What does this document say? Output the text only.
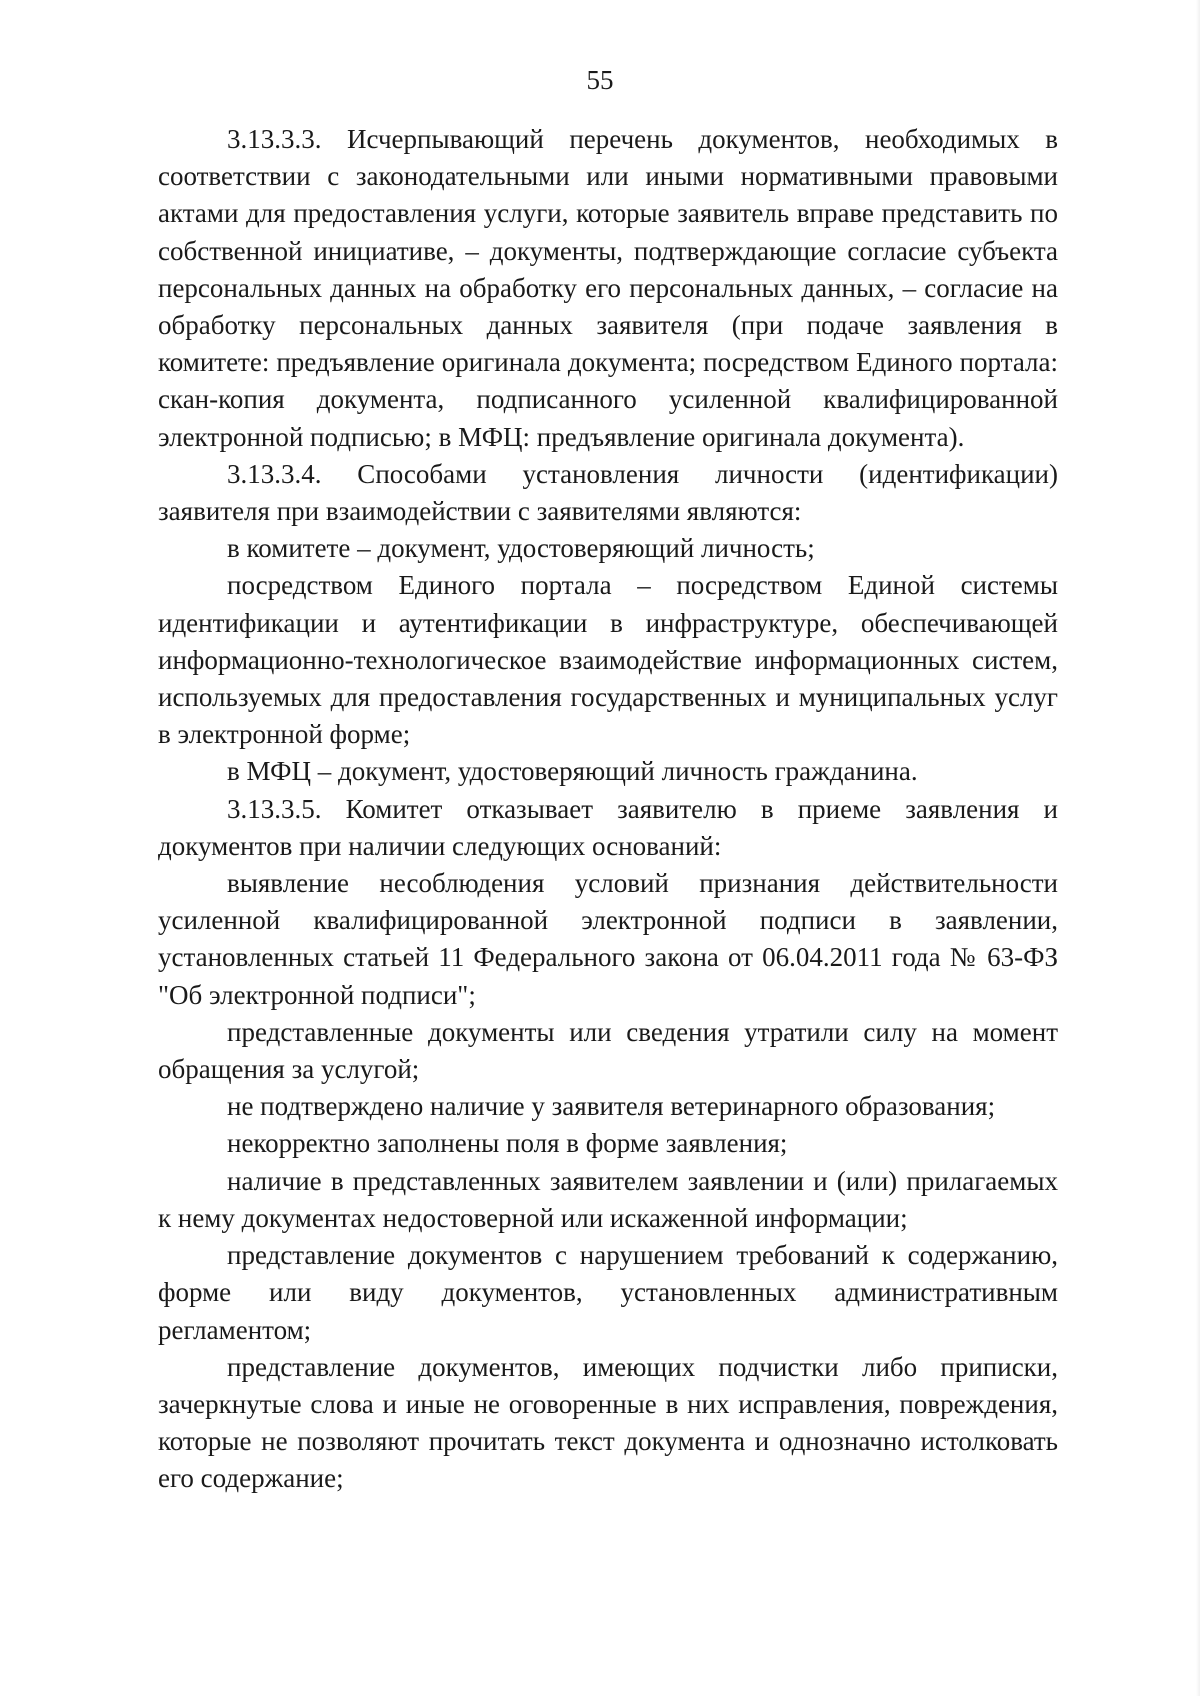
55

3.13.3.3. Исчерпывающий перечень документов, необходимых в соответствии с законодательными или иными нормативными правовыми актами для предоставления услуги, которые заявитель вправе представить по собственной инициативе, – документы, подтверждающие согласие субъекта персональных данных на обработку его персональных данных, – согласие на обработку персональных данных заявителя (при подаче заявления в комитете: предъявление оригинала документа; посредством Единого портала: скан-копия документа, подписанного усиленной квалифицированной электронной подписью; в МФЦ: предъявление оригинала документа).

3.13.3.4. Способами установления личности (идентификации) заявителя при взаимодействии с заявителями являются:

в комитете – документ, удостоверяющий личность;

посредством Единого портала – посредством Единой системы идентификации и аутентификации в инфраструктуре, обеспечивающей информационно-технологическое взаимодействие информационных систем, используемых для предоставления государственных и муниципальных услуг в электронной форме;

в МФЦ – документ, удостоверяющий личность гражданина.

3.13.3.5. Комитет отказывает заявителю в приеме заявления и документов при наличии следующих оснований:

выявление несоблюдения условий признания действительности усиленной квалифицированной электронной подписи в заявлении, установленных статьей 11 Федерального закона от 06.04.2011 года № 63-ФЗ "Об электронной подписи";

представленные документы или сведения утратили силу на момент обращения за услугой;

не подтверждено наличие у заявителя ветеринарного образования;

некорректно заполнены поля в форме заявления;

наличие в представленных заявителем заявлении и (или) прилагаемых к нему документах недостоверной или искаженной информации;

представление документов с нарушением требований к содержанию, форме или виду документов, установленных административным регламентом;

представление документов, имеющих подчистки либо приписки, зачеркнутые слова и иные не оговоренные в них исправления, повреждения, которые не позволяют прочитать текст документа и однозначно истолковать его содержание;
